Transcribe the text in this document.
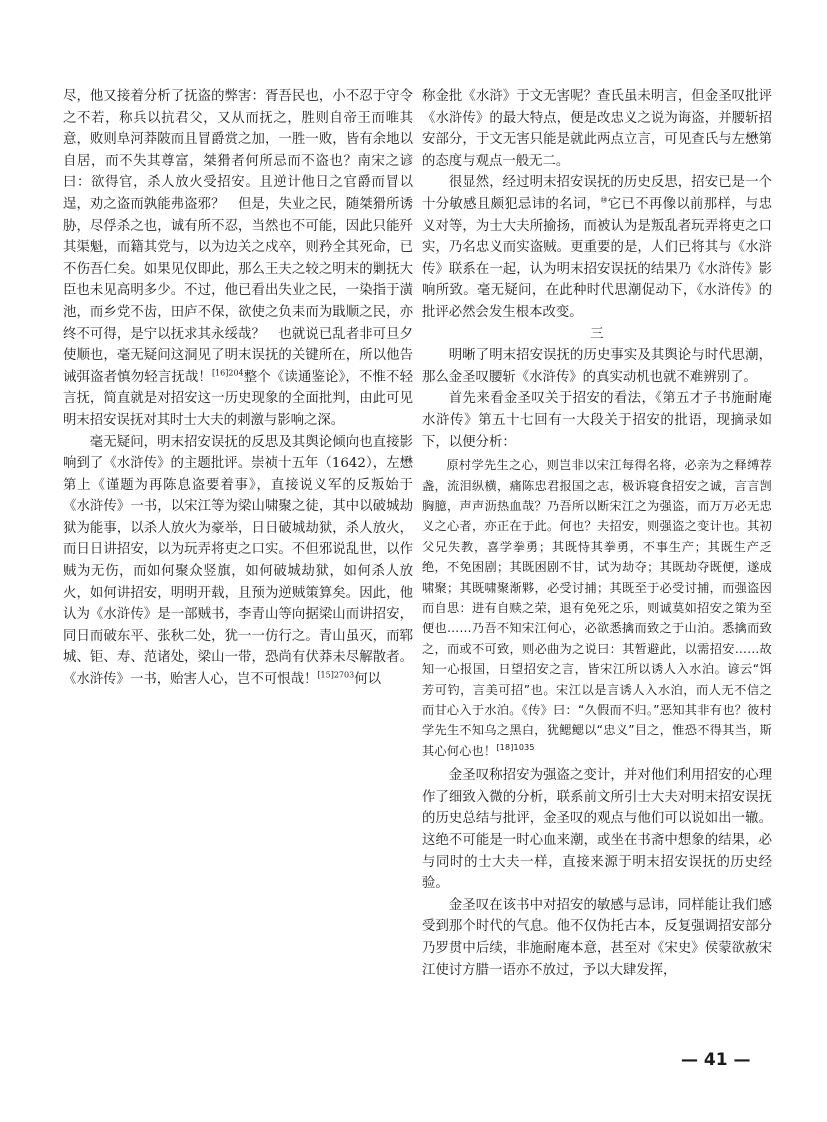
尽，他又接着分析了抚盗的弊害：胥吾民也，小不忍于守令之不若，称兵以抗君父，又从而抚之，胜则自帝王而唯其意，败则阜河莽陂而且冒爵赏之加，一胜一败，皆有余地以自居，而不失其尊富，桀猾者何所忌而不盗也？南宋之谚曰：欲得官，杀人放火受招安。且逆计他日之官爵而冒以逞，劝之盗而孰能弗盗邪？　但是，失业之民，随桀猾所诱胁，尽俘杀之也，诚有所不忍，当然也不可能，因此只能歼其渠魁，而籍其党与，以为边关之戍卒，则矜全其死命，已不伤吾仁矣。如果见仅即此，那么王夫之较之明末的剿抚大臣也未见高明多少。不过，他已看出失业之民，一染指于潢池，而乡党不齿，田庐不保，欲使之负耒而为戢顺之民，亦终不可得，是宁以抚求其永绥哉？　也就说已乱者非可旦夕使顺也，毫无疑问这洞见了明末误抚的关键所在，所以他告诫弭盗者慎勿轻言抚哉！$^{[16]204}$整个《读通鉴论》，不惟不轻言抚，简直就是对招安这一历史现象的全面批判，由此可见明末招安误抚对其时士大夫的刺激与影响之深。

毫无疑问，明末招安误抚的反思及其舆论倾向也直接影响到了《水浒传》的主题批评。崇祯十五年（1642），左懋第上《谨题为再陈息盗要着事》，直接说义军的反叛始于《水浒传》一书，以宋江等为梁山啸聚之徒，其中以破城劫狱为能事，以杀人放火为豪举，日日破城劫狱，杀人放火，而日日讲招安，以为玩弄将吏之口实。不但邪说乱世，以作贼为无伤，而如何聚众竖旗，如何破城劫狱，如何杀人放火，如何讲招安，明明开载，且预为逆贼策算矣。因此，他认为《水浒传》是一部贼书，李青山等向据梁山而讲招安，同日而破东平、张秋二处，犹一一仿行之。青山虽灭，而郓城、钜、寿、范诸处，梁山一带，恐尚有伏莽未尽解散者。《水浒传》一书，贻害人心，岂不可恨哉！$^{[15]2703}$何以

称金批《水浒》于文无害呢？查氏虽未明言，但金圣叹批评《水浒传》的最大特点，便是改忠义之说为诲盗，并腰斩招安部分，于文无害只能是就此两点立言，可见查氏与左懋第的态度与观点一般无二。

很显然，经过明末招安误抚的历史反思，招安已是一个十分敏感且颇犯忌讳的名词，⑩它已不再像以前那样，与忠义对等，为士大夫所揄扬，而被认为是叛乱者玩弄将吏之口实，乃名忠义而实盗贼。更重要的是，人们已将其与《水浒传》联系在一起，认为明末招安误抚的结果乃《水浒传》影响所致。毫无疑问，在此种时代思潮促动下，《水浒传》的批评必然会发生根本改变。

三

明晰了明末招安误抚的历史事实及其舆论与时代思潮，那么金圣叹腰斩《水浒传》的真实动机也就不难辨别了。

首先来看金圣叹关于招安的看法，《第五才子书施耐庵水浒传》第五十七回有一大段关于招安的批语，现摘录如下，以便分析：

原村学先生之心，则岂非以宋江每得名将，必亲为之释缚荐盏，流泪纵横，痛陈忠君报国之志，极诉寝食招安之诚，言言剀胸臆，声声沥热血哉？乃吾所以断宋江之为强盗，而万万必无忠义之心者，亦正在于此。何也？夫招安，则强盗之变计也。其初父兄失教，喜学拳勇；其既恃其拳勇，不事生产；其既生产乏绝，不免困剧；其既困剧不甘，试为劫夺；其既劫夺既便，遂成啸聚；其既啸聚渐夥，必受讨捕；其既至于必受讨捕，而强盗因而自思：进有自赎之荣，退有免死之乐，则诚莫如招安之策为至便也……乃吾不知宋江何心，必欲悉擒而致之于山泊。悉擒而致之，而或不可致，则必曲为之说曰：其暂避此，以需招安……故知一心报国，日望招安之言，皆宋江所以诱人入水泊。谚云“饵芳可钓，言美可招”也。宋江以是言诱人入水泊，而人无不信之而甘心入于水泊。《传》曰：“久假而不归。”恶知其非有也？彼村学先生不知乌之黑白，犹鳃鳃以“忠义”目之，惟恐不得其当，斯其心何心也！$^{[18]1035}$

金圣叹称招安为强盗之变计，并对他们利用招安的心理作了细致入微的分析，联系前文所引士大夫对明末招安误抚的历史总结与批评，金圣叹的观点与他们可以说如出一辙。这绝不可能是一时心血来潮，或坐在书斋中想象的结果，必与同时的士大夫一样，直接来源于明末招安误抚的历史经验。

金圣叹在该书中对招安的敏感与忌讳，同样能让我们感受到那个时代的气息。他不仅伪托古本，反复强调招安部分乃罗贯中后续，非施耐庵本意，甚至对《宋史》侯蒙欲赦宋江使讨方腊一语亦不放过，予以大肆发挥，

— 41 —
